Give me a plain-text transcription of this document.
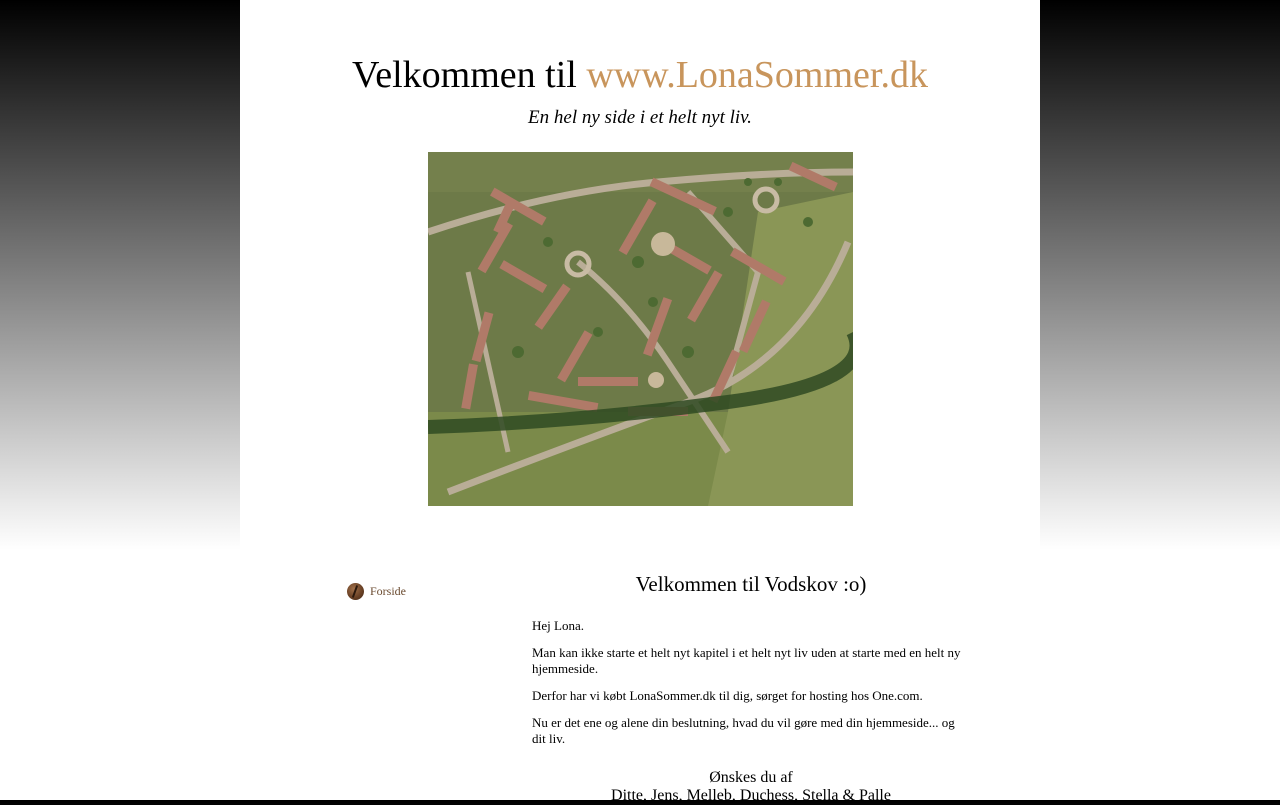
Velkommen til www.LonaSommer.dk
En hel ny side i et helt nyt liv.
Forside	Velkommen til Vodskov :o)

Hej Lona.

Man kan ikke starte et helt nyt kapitel i et helt nyt liv uden at starte med en helt ny hjemmeside.

Derfor har vi købt LonaSommer.dk til dig, sørget for hosting hos One.com.

Nu er det ene og alene din beslutning, hvad du vil gøre med din hjemmeside... og dit liv.

Ønskes du af
Ditte, Jens, Melleb, Duchess, Stella & Palle
